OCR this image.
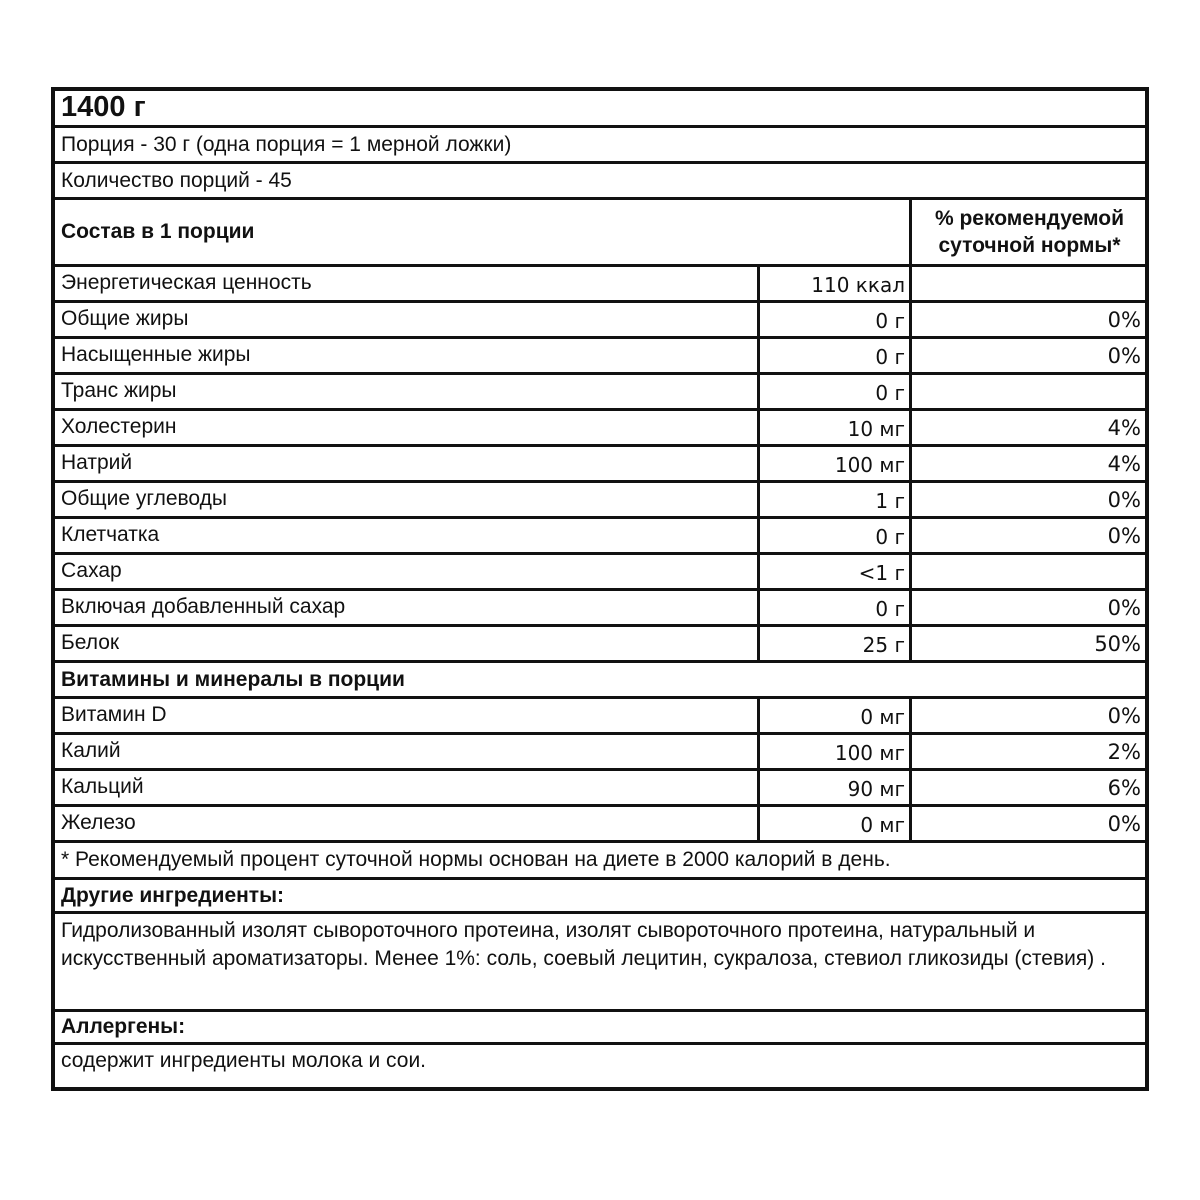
1400 г
Порция - 30 г (одна порция = 1 мерной ложки)
Количество порций - 45
Состав в 1 порции
% рекомендуемой суточной нормы*
Энергетическая ценность	110 ккал
Общие жиры	0 г	0%
Насыщенные жиры	0 г	0%
Транс жиры	0 г
Холестерин	10 мг	4%
Натрий	100 мг	4%
Общие углеводы	1 г	0%
Клетчатка	0 г	0%
Сахар	<1 г
Включая добавленный сахар	0 г	0%
Белок	25 г	50%
Витамины и минералы в порции
Витамин D	0 мг	0%
Калий	100 мг	2%
Кальций	90 мг	6%
Железо	0 мг	0%
* Рекомендуемый процент суточной нормы основан на диете в 2000 калорий в день.
Другие ингредиенты:
Гидролизованный изолят сывороточного протеина, изолят сывороточного протеина, натуральный и искусственный ароматизаторы. Менее 1%: соль, соевый лецитин, сукралоза, стевиол гликозиды (стевия) .
Аллергены:
содержит ингредиенты молока и сои.
